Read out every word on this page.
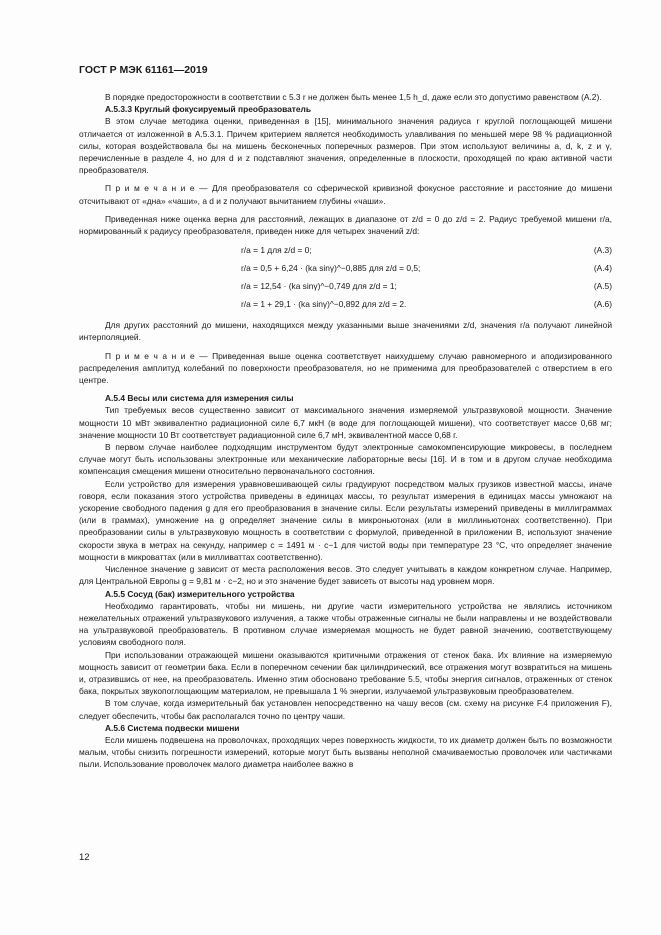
ГОСТ Р МЭК 61161—2019

В порядке предосторожности в соответствии с 5.3 r не должен быть менее 1,5 h_d, даже если это допустимо равенством (A.2).

A.5.3.3 Круглый фокусируемый преобразователь

В этом случае методика оценки, приведенная в [15], минимального значения радиуса r круглой поглощающей мишени отличается от изложенной в A.5.3.1. Причем критерием является необходимость улавливания по меньшей мере 98 % радиационной силы, которая воздействовала бы на мишень бесконечных поперечных размеров. При этом используют величины a, d, k, z и γ, перечисленные в разделе 4, но для d и z подставляют значения, определенные в плоскости, проходящей по краю активной части преобразователя.

П р и м е ч а н и е — Для преобразователя со сферической кривизной фокусное расстояние и расстояние до мишени отсчитывают от «дна» «чаши», а d и z получают вычитанием глубины «чаши».

Приведенная ниже оценка верна для расстояний, лежащих в диапазоне от z/d = 0 до z/d = 2. Радиус требуемой мишени r/a, нормированный к радиусу преобразователя, приведен ниже для четырех значений z/d:

r/a = 1 для z/d = 0;	(A.3)
r/a = 0,5 + 6,24 · (ka sinγ)^−0,885 для z/d = 0,5;	(A.4)
r/a = 12,54 · (ka sinγ)^−0,749 для z/d = 1;	(A.5)
r/a = 1 + 29,1 · (ka sinγ)^−0,892 для z/d = 2.	(A.6)

Для других расстояний до мишени, находящихся между указанными выше значениями z/d, значения r/a получают линейной интерполяцией.

П р и м е ч а н и е — Приведенная выше оценка соответствует наихудшему случаю равномерного и аподизированного распределения амплитуд колебаний по поверхности преобразователя, но не применима для преобразователей с отверстием в его центре.

A.5.4 Весы или система для измерения силы

Тип требуемых весов существенно зависит от максимального значения измеряемой ультразвуковой мощности. Значение мощности 10 мВт эквивалентно радиационной силе 6,7 мкН (в воде для поглощающей мишени), что соответствует массе 0,68 мг; значение мощности 10 Вт соответствует радиационной силе 6,7 мН, эквивалентной массе 0,68 г.

В первом случае наиболее подходящим инструментом будут электронные самокомпенсирующие микровесы, в последнем случае могут быть использованы электронные или механические лабораторные весы [16]. И в том и в другом случае необходима компенсация смещения мишени относительно первоначального состояния.

Если устройство для измерения уравновешивающей силы градуируют посредством малых грузиков известной массы, иначе говоря, если показания этого устройства приведены в единицах массы, то результат измерения в единицах массы умножают на ускорение свободного падения g для его преобразования в значение силы. Если результаты измерений приведены в миллиграммах (или в граммах), умножение на g определяет значение силы в микроньютонах (или в миллиньютонах соответственно). При преобразовании силы в ультразвуковую мощность в соответствии с формулой, приведенной в приложении B, используют значение скорости звука в метрах на секунду, например c = 1491 м · c−1 для чистой воды при температуре 23 °C, что определяет значение мощности в микроваттах (или в милливаттах соответственно).

Численное значение g зависит от места расположения весов. Это следует учитывать в каждом конкретном случае. Например, для Центральной Европы g = 9,81 м · c−2, но и это значение будет зависеть от высоты над уровнем моря.

A.5.5 Сосуд (бак) измерительного устройства

Необходимо гарантировать, чтобы ни мишень, ни другие части измерительного устройства не являлись источником нежелательных отражений ультразвукового излучения, а также чтобы отраженные сигналы не были направлены и не воздействовали на ультразвуковой преобразователь. В противном случае измеряемая мощность не будет равной значению, соответствующему условиям свободного поля.

При использовании отражающей мишени оказываются критичными отражения от стенок бака. Их влияние на измеряемую мощность зависит от геометрии бака. Если в поперечном сечении бак цилиндрический, все отражения могут возвратиться на мишень и, отразившись от нее, на преобразователь. Именно этим обосновано требование 5.5, чтобы энергия сигналов, отраженных от стенок бака, покрытых звукопоглощающим материалом, не превышала 1 % энергии, излучаемой ультразвуковым преобразователем.

В том случае, когда измерительный бак установлен непосредственно на чашу весов (см. схему на рисунке F.4 приложения F), следует обеспечить, чтобы бак располагался точно по центру чаши.

A.5.6 Система подвески мишени

Если мишень подвешена на проволочках, проходящих через поверхность жидкости, то их диаметр должен быть по возможности малым, чтобы снизить погрешности измерений, которые могут быть вызваны неполной смачиваемостью проволочек или частичками пыли. Использование проволочек малого диаметра наиболее важно в

12
